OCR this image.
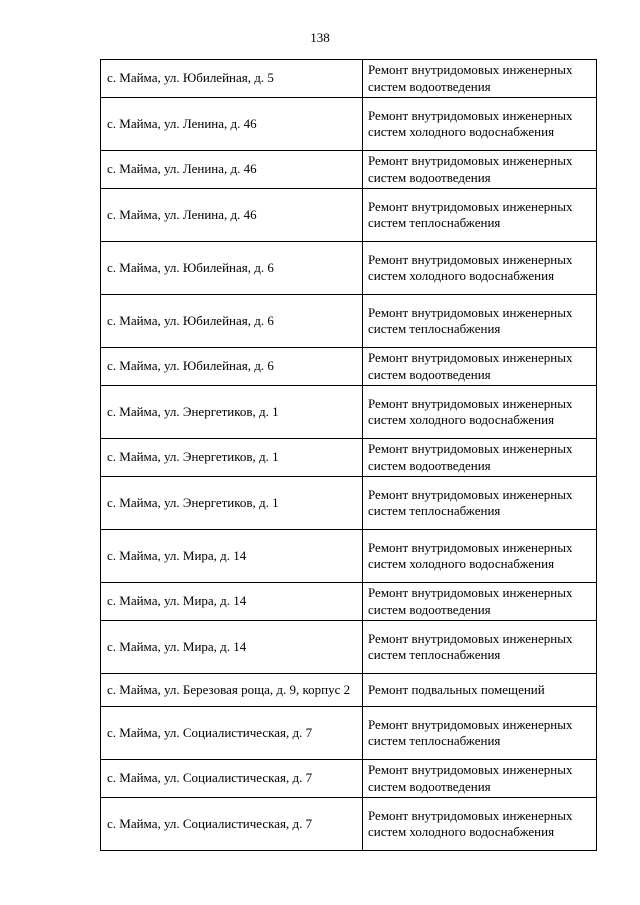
138
с. Майма, ул. Юбилейная, д. 5	Ремонт внутридомовых инженерных систем водоотведения
с. Майма, ул. Ленина, д. 46	Ремонт внутридомовых инженерных систем холодного водоснабжения
с. Майма, ул. Ленина, д. 46	Ремонт внутридомовых инженерных систем водоотведения
с. Майма, ул. Ленина, д. 46	Ремонт внутридомовых инженерных систем теплоснабжения
с. Майма, ул. Юбилейная, д. 6	Ремонт внутридомовых инженерных систем холодного водоснабжения
с. Майма, ул. Юбилейная, д. 6	Ремонт внутридомовых инженерных систем теплоснабжения
с. Майма, ул. Юбилейная, д. 6	Ремонт внутридомовых инженерных систем водоотведения
с. Майма, ул. Энергетиков, д. 1	Ремонт внутридомовых инженерных систем холодного водоснабжения
с. Майма, ул. Энергетиков, д. 1	Ремонт внутридомовых инженерных систем водоотведения
с. Майма, ул. Энергетиков, д. 1	Ремонт внутридомовых инженерных систем теплоснабжения
с. Майма, ул. Мира, д. 14	Ремонт внутридомовых инженерных систем холодного водоснабжения
с. Майма, ул. Мира, д. 14	Ремонт внутридомовых инженерных систем водоотведения
с. Майма, ул. Мира, д. 14	Ремонт внутридомовых инженерных систем теплоснабжения
с. Майма, ул. Березовая роща, д. 9, корпус 2	Ремонт подвальных помещений
с. Майма, ул. Социалистическая, д. 7	Ремонт внутридомовых инженерных систем теплоснабжения
с. Майма, ул. Социалистическая, д. 7	Ремонт внутридомовых инженерных систем водоотведения
с. Майма, ул. Социалистическая, д. 7	Ремонт внутридомовых инженерных систем холодного водоснабжения
